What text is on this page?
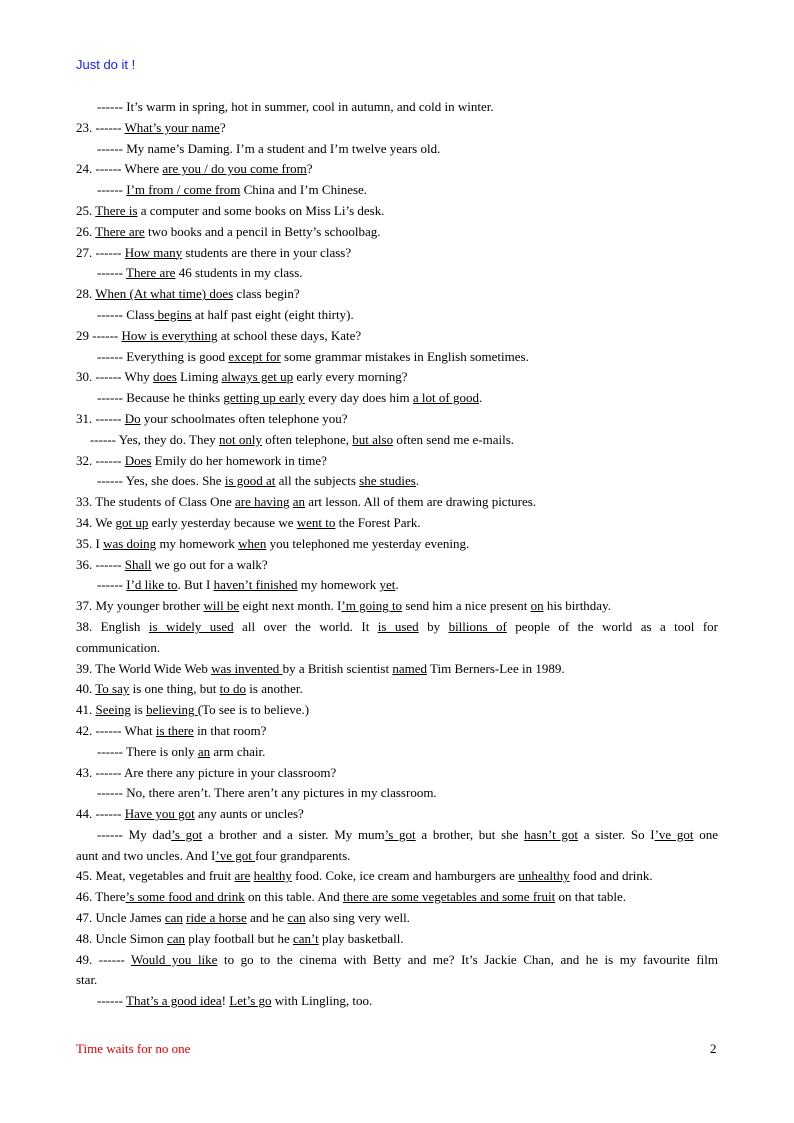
Just do it !
------ It’s warm in spring, hot in summer, cool in autumn, and cold in winter.
23. ------ What’s your name?
------ My name’s Daming. I’m a student and I’m twelve years old.
24. ------ Where are you / do you come from?
------ I’m from / come from China and I’m Chinese.
25. There is a computer and some books on Miss Li’s desk.
26. There are two books and a pencil in Betty’s schoolbag.
27. ------ How many students are there in your class?
------ There are 46 students in my class.
28. When (At what time) does class begin?
------ Class begins at half past eight (eight thirty).
29 ------ How is everything at school these days, Kate?
------ Everything is good except for some grammar mistakes in English sometimes.
30. ------ Why does Liming always get up early every morning?
------ Because he thinks getting up early every day does him a lot of good.
31. ------ Do your schoolmates often telephone you?
------ Yes, they do. They not only often telephone, but also often send me e-mails.
32. ------ Does Emily do her homework in time?
------ Yes, she does. She is good at all the subjects she studies.
33. The students of Class One are having an art lesson. All of them are drawing pictures.
34. We got up early yesterday because we went to the Forest Park.
35. I was doing my homework when you telephoned me yesterday evening.
36. ------ Shall we go out for a walk?
------ I’d like to. But I haven’t finished my homework yet.
37. My younger brother will be eight next month. I’m going to send him a nice present on his birthday.
38. English is widely used all over the world. It is used by billions of people of the world as a tool for
communication.
39. The World Wide Web was invented by a British scientist named Tim Berners-Lee in 1989.
40. To say is one thing, but to do is another.
41. Seeing is believing (To see is to believe.)
42. ------ What is there in that room?
------ There is only an arm chair.
43. ------ Are there any picture in your classroom?
------ No, there aren’t. There aren’t any pictures in my classroom.
44. ------ Have you got any aunts or uncles?
------ My dad’s got a brother and a sister. My mum’s got a brother, but she hasn’t got a sister. So I’ve got one
aunt and two uncles. And I’ve got four grandparents.
45. Meat, vegetables and fruit are healthy food. Coke, ice cream and hamburgers are unhealthy food and drink.
46. There’s some food and drink on this table. And there are some vegetables and some fruit on that table.
47. Uncle James can ride a horse and he can also sing very well.
48. Uncle Simon can play football but he can’t play basketball.
49. ------ Would you like to go to the cinema with Betty and me? It’s Jackie Chan, and he is my favourite film
star.
------ That’s a good idea! Let’s go with Lingling, too.
Time waits for no one	2
